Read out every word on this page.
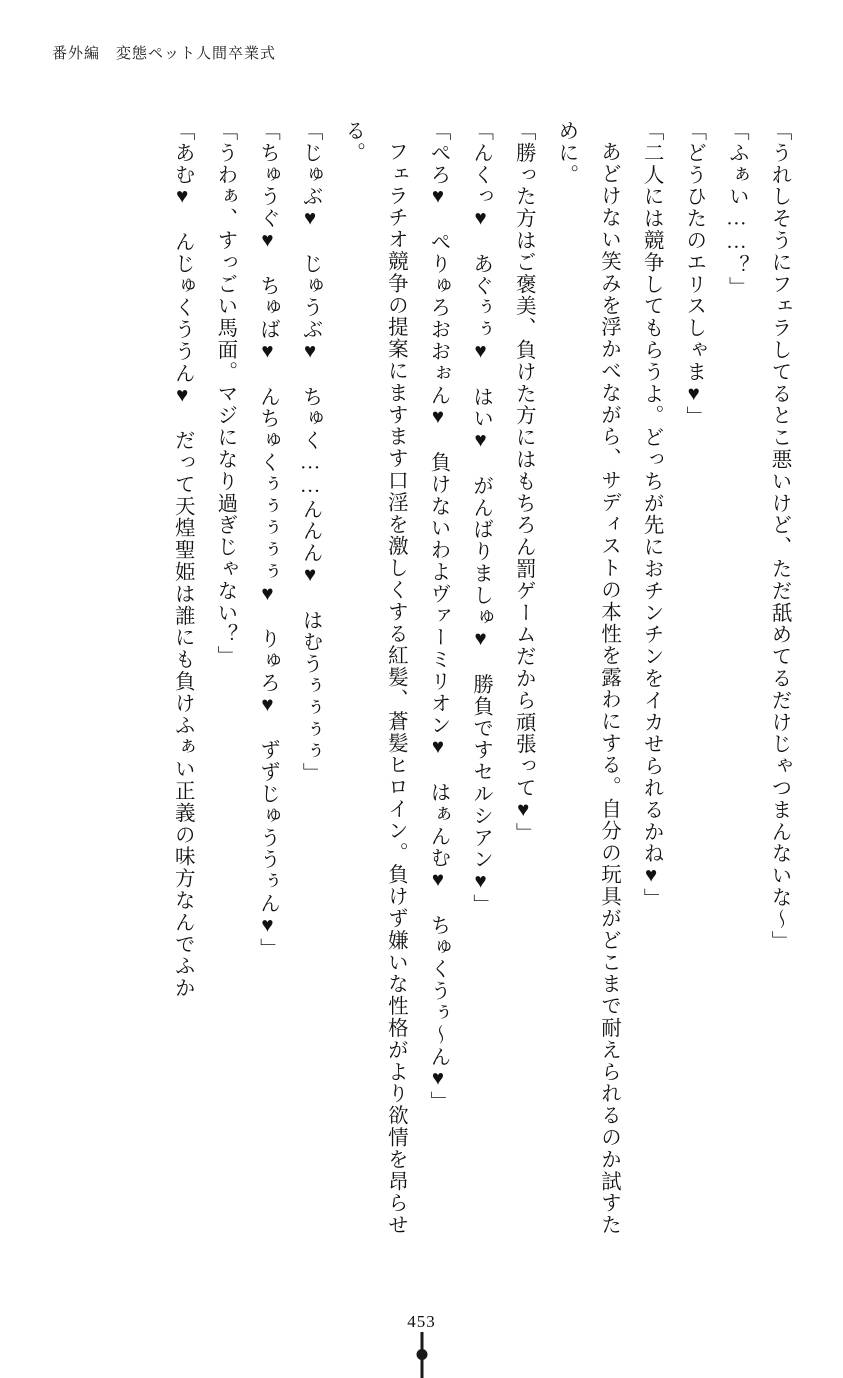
番外編 変態ペット人間卒業式

「うれしそうにフェラしてるとこ悪いけど、ただ舐めてるだけじゃつまんないな〜」

「ふぁい……？」

「どうひたのエリスしゃま♥」

「二人には競争してもらうよ。どっちが先におチンチンをイカせられるかね♥」

あどけない笑みを浮かべながら、サディストの本性を露わにする。自分の玩具がどこまで耐えられるのか試すために。

「勝った方はご褒美、負けた方にはもちろん罰ゲームだから頑張って♥」

「んくっ♥　あぐぅぅ♥　はい♥　がんばりましゅ♥　勝負ですセルシアン♥」

「ぺろ♥　ぺりゅろおおぉん♥　負けないわよヴァーミリオン♥　はぁんむ♥　ちゅくうぅ〜ん♥」

フェラチオ競争の提案にますます口淫を激しくする紅髪、蒼髪ヒロイン。負けず嫌いな性格がより欲情を昂らせる。

「じゅぶ♥　じゅうぶ♥　ちゅく……んんん♥　はむうぅぅぅぅ」

「ちゅうぐ♥　ちゅば♥　んちゅくぅぅぅぅぅ♥　りゅろ♥　ずずじゅううぅん♥」

「うわぁ、すっごい馬面。マジになり過ぎじゃない？」

「あむ♥　んじゅくううん♥　だって天煌聖姫は誰にも負けふぁい正義の味方なんでふか

453
